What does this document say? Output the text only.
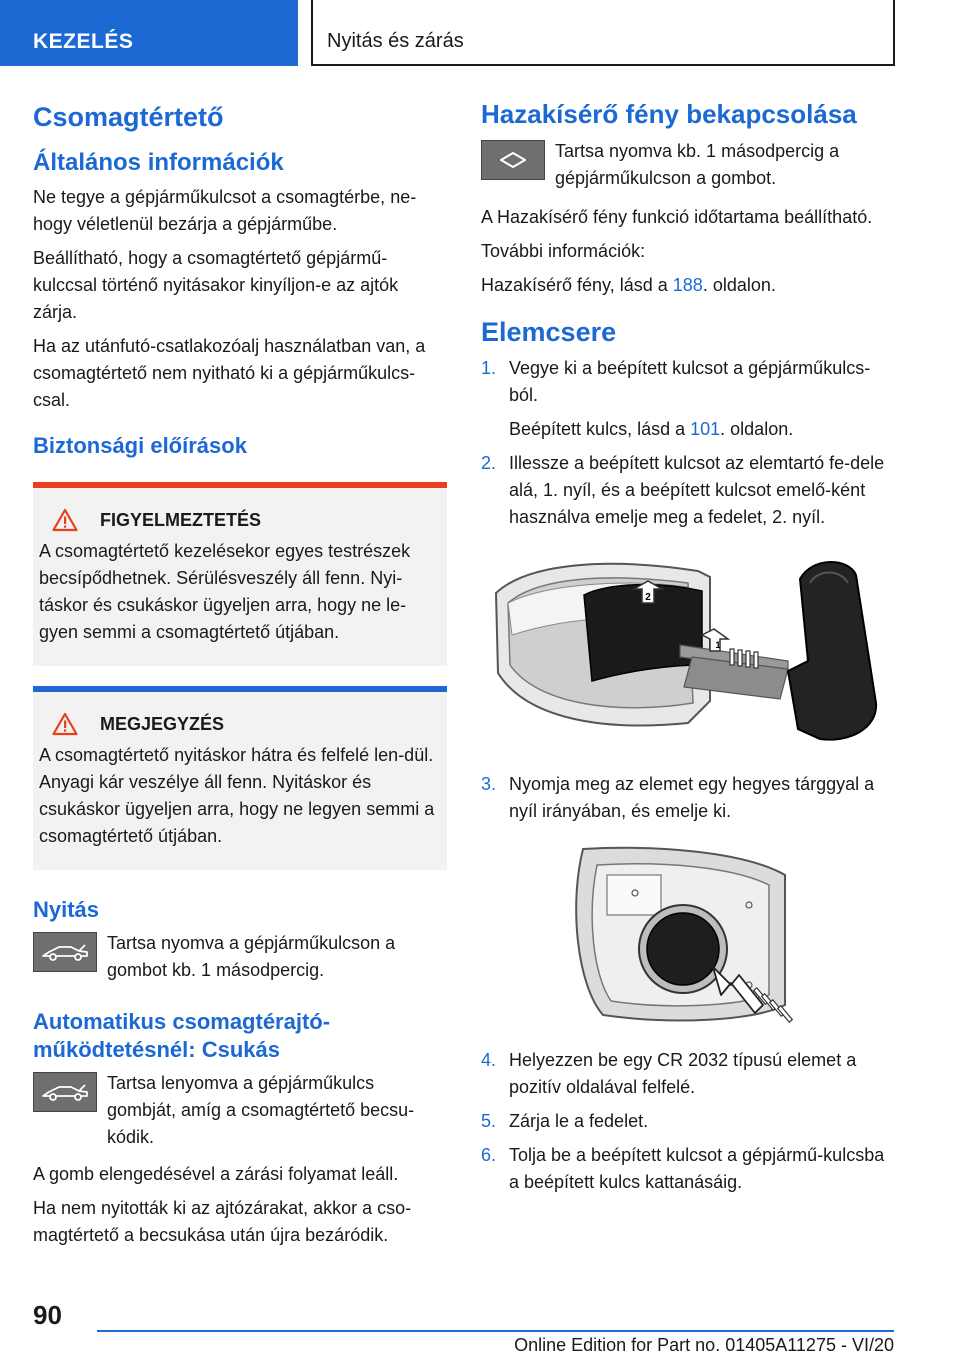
KEZELÉS	Nyitás és zárás
Csomagtértető
Általános információk

Ne tegye a gépjárműkulcsot a csomagtérbe, ne-hogy véletlenül bezárja a gépjárműbe.

Beállítható, hogy a csomagtértető gépjármű-kulccsal történő nyitásakor kinyíljon-e az ajtók zárja.

Ha az utánfutó-csatlakozóalj használatban van, a csomagtértető nem nyitható ki a gépjárműkulcs-csal.

Biztonsági előírások
FIGYELMEZTETÉS

A csomagtértető kezelésekor egyes testrészek becsípődhetnek. Sérülésveszély áll fenn. Nyi-táskor és csukáskor ügyeljen arra, hogy ne le-gyen semmi a csomagtértető útjában.

MEGJEGYZÉS

A csomagtértető nyitáskor hátra és felfelé len-dül. Anyagi kár veszélye áll fenn. Nyitáskor és csukáskor ügyeljen arra, hogy ne legyen semmi a csomagtértető útjában.

Nyitás

Tartsa nyomva a gépjárműkulcson a gombot kb. 1 másodpercig.

Automatikus csomagtérajtó-működtetésnél: Csukás

Tartsa lenyomva a gépjárműkulcs gombját, amíg a csomagtértető becsu-kódik.

A gomb elengedésével a zárási folyamat leáll.

Ha nem nyitották ki az ajtózárakat, akkor a cso-magtértető a becsukása után újra bezáródik.

Hazakísérő fény bekapcsolása

Tartsa nyomva kb. 1 másodpercig a gépjárműkulcson a gombot.

A Hazakísérő fény funkció időtartama beállítható.

További információk:

Hazakísérő fény, lásd a 188. oldalon.

Elemcsere
1. Vegye ki a beépített kulcsot a gépjárműkulcs-ból.

Beépített kulcs, lásd a 101. oldalon.

2. Illessze a beépített kulcsot az elemtartó fe-dele alá, 1. nyíl, és a beépített kulcsot emelő-ként használva emelje meg a fedelet, 2. nyíl.

2
1
3. Nyomja meg az elemet egy hegyes tárggyal a nyíl irányában, és emelje ki.

4. Helyezzen be egy CR 2032 típusú elemet a pozitív oldalával felfelé.

5. Zárja le a fedelet.

6. Tolja be a beépített kulcsot a gépjármű-kulcsba a beépített kulcs kattanásáig.

90
Online Edition for Part no. 01405A11275 - VI/20
